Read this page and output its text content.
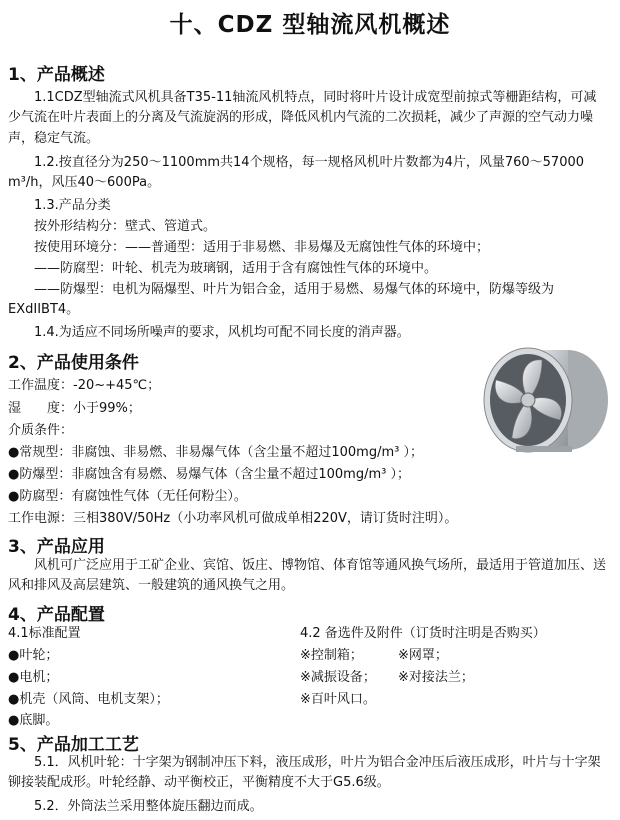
十、CDZ 型轴流风机概述
1、产品概述

1.1CDZ型轴流式风机具备T35-11轴流风机特点，同时将叶片设计成宽型前掠式等栅距结构，可减少气流在叶片表面上的分离及气流旋涡的形成，降低风机内气流的二次损耗，减少了声源的空气动力噪声，稳定气流。

1.2.按直径分为250～1100mm共14个规格，每一规格风机叶片数都为4片，风量760～57000 m³/h，风压40～600Pa。

1.3.产品分类

按外形结构分：壁式、管道式。

按使用环境分：——普通型：适用于非易燃、非易爆及无腐蚀性气体的环境中；

——防腐型：叶轮、机壳为玻璃钢，适用于含有腐蚀性气体的环境中。

——防爆型：电机为隔爆型、叶片为铝合金，适用于易燃、易爆气体的环境中，防爆等级为EXdIIBT4。

1.4.为适应不同场所噪声的要求，风机均可配不同长度的消声器。

2、产品使用条件

工作温度：-20~+45℃；

湿　　度：小于99%；

介质条件：

●常规型：非腐蚀、非易燃、非易爆气体（含尘量不超过100mg/m³ ）；

●防爆型：非腐蚀含有易燃、易爆气体（含尘量不超过100mg/m³ ）；

●防腐型：有腐蚀性气体（无任何粉尘）。

工作电源：三相380V/50Hz（小功率风机可做成单相220V，请订货时注明）。

3、产品应用

风机可广泛应用于工矿企业、宾馆、饭庄、博物馆、体育馆等通风换气场所，最适用于管道加压、送风和排风及高层建筑、一般建筑的通风换气之用。

4、产品配置

4.1标准配置

●叶轮；

●电机；

●机壳（风筒、电机支架）；

●底脚。

4.2 备选件及附件（订货时注明是否购买）

※控制箱；	※网罩；

※减振设备； ※对接法兰；

※百叶风口。

5、产品加工工艺

5.1．风机叶轮：十字架为钢制冲压下料，液压成形，叶片为铝合金冲压后液压成形，叶片与十字架铆接装配成形。叶轮经静、动平衡校正，平衡精度不大于G5.6级。

5.2．外筒法兰采用整体旋压翻边而成。
